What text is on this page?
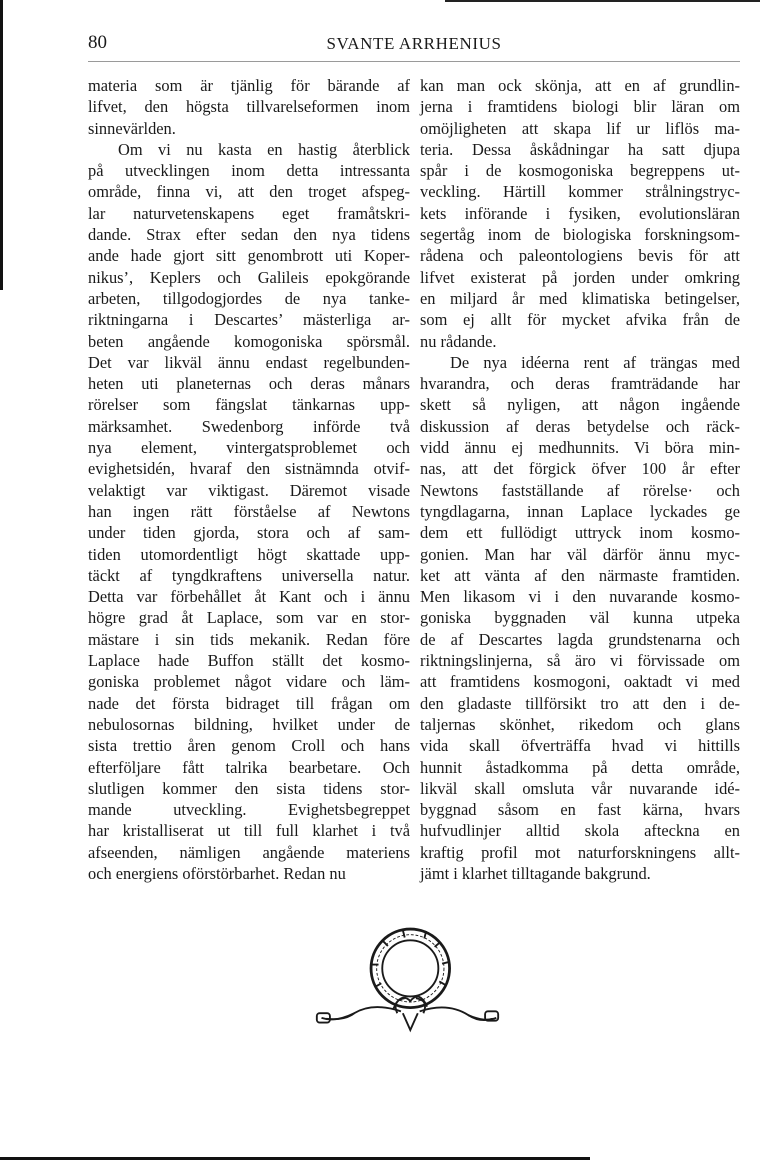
80	SVANTE ARRHENIUS
materia som är tjänlig för bärande af
lifvet, den högsta tillvarelseformen inom
sinnevärlden.
Om vi nu kasta en hastig återblick
på utvecklingen inom detta intressanta
område, finna vi, att den troget afspeg-
lar naturvetenskapens eget framåtskri-
dande. Strax efter sedan den nya tidens
ande hade gjort sitt genombrott uti Koper-
nikus’, Keplers och Galileis epokgörande
arbeten, tillgodogjordes de nya tanke-
riktningarna i Descartes’ mästerliga ar-
beten angående komogoniska spörsmål.
Det var likväl ännu endast regelbunden-
heten uti planeternas och deras månars
rörelser som fängslat tänkarnas upp-
märksamhet. Swedenborg införde två
nya element, vintergatsproblemet och
evighetsidén, hvaraf den sistnämnda otvif-
velaktigt var viktigast. Däremot visade
han ingen rätt förståelse af Newtons
under tiden gjorda, stora och af sam-
tiden utomordentligt högt skattade upp-
täckt af tyngdkraftens universella natur.
Detta var förbehållet åt Kant och i ännu
högre grad åt Laplace, som var en stor-
mästare i sin tids mekanik. Redan före
Laplace hade Buffon ställt det kosmo-
goniska problemet något vidare och läm-
nade det första bidraget till frågan om
nebulosornas bildning, hvilket under de
sista trettio åren genom Croll och hans
efterföljare fått talrika bearbetare. Och
slutligen kommer den sista tidens stor-
mande utveckling. Evighetsbegreppet
har kristalliserat ut till full klarhet i två
afseenden, nämligen angående materiens
och energiens oförstörbarhet. Redan nu
kan man ock skönja, att en af grundlin-
jerna i framtidens biologi blir läran om
omöjligheten att skapa lif ur liflös ma-
teria. Dessa åskådningar ha satt djupa
spår i de kosmogoniska begreppens ut-
veckling. Härtill kommer strålningstryc-
kets införande i fysiken, evolutionsläran
segertåg inom de biologiska forskningsom-
rådena och paleontologiens bevis för att
lifvet existerat på jorden under omkring
en miljard år med klimatiska betingelser,
som ej allt för mycket afvika från de
nu rådande.
De nya idéerna rent af trängas med
hvarandra, och deras framträdande har
skett så nyligen, att någon ingående
diskussion af deras betydelse och räck-
vidd ännu ej medhunnits. Vi böra min-
nas, att det förgick öfver 100 år efter
Newtons fastställande af rörelse· och
tyngdlagarna, innan Laplace lyckades ge
dem ett fullödigt uttryck inom kosmo-
gonien. Man har väl därför ännu myc-
ket att vänta af den närmaste framtiden.
Men likasom vi i den nuvarande kosmo-
goniska byggnaden väl kunna utpeka
de af Descartes lagda grundstenarna och
riktningslinjerna, så äro vi förvissade om
att framtidens kosmogoni, oaktadt vi med
den gladaste tillförsikt tro att den i de-
taljernas skönhet, rikedom och glans
vida skall öfverträffa hvad vi hittills
hunnit åstadkomma på detta område,
likväl skall omsluta vår nuvarande idé-
byggnad såsom en fast kärna, hvars
hufvudlinjer alltid skola afteckna en
kraftig profil mot naturforskningens allt-
jämt i klarhet tilltagande bakgrund.
